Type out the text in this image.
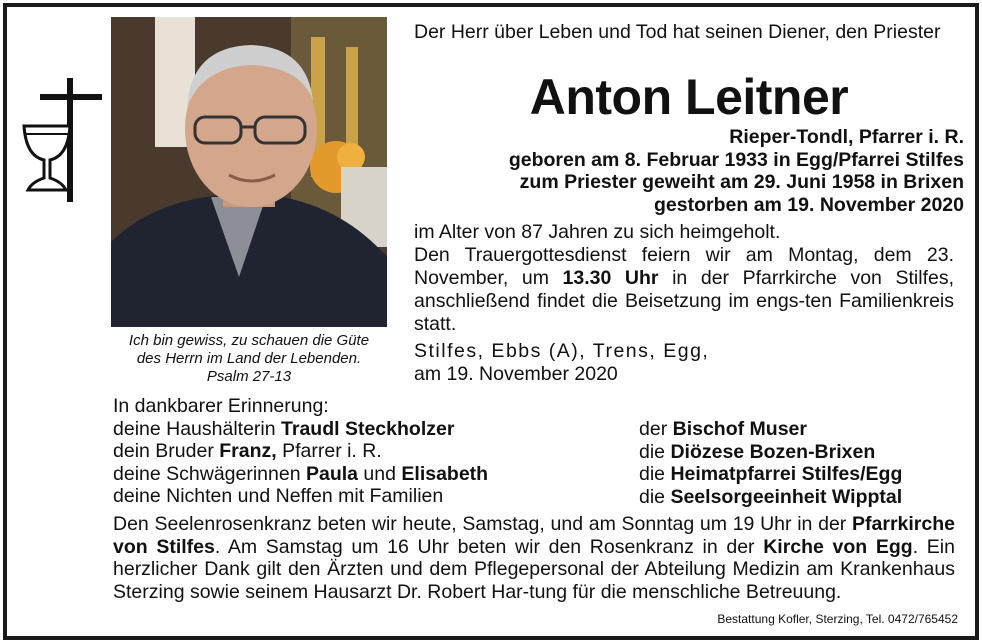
Ich bin gewiss, zu schauen die Güte
des Herrn im Land der Lebenden.
Psalm 27-13
Der Herr über Leben und Tod hat seinen Diener, den Priester
Anton Leitner
Rieper-Tondl, Pfarrer i. R.
geboren am 8. Februar 1933 in Egg/Pfarrei Stilfes
zum Priester geweiht am 29. Juni 1958 in Brixen
gestorben am 19. November 2020
im Alter von 87 Jahren zu sich heimgeholt.
Den Trauergottesdienst feiern wir am Montag, dem 23. November, um 13.30 Uhr in der Pfarrkirche von Stilfes, anschließend findet die Beisetzung im engs-ten Familienkreis statt.
Stilfes, Ebbs (A), Trens, Egg,
am 19. November 2020
In dankbarer Erinnerung:
deine Haushälterin Traudl Steckholzer
dein Bruder Franz, Pfarrer i. R.
deine Schwägerinnen Paula und Elisabeth
deine Nichten und Neffen mit Familien
der Bischof Muser
die Diözese Bozen-Brixen
die Heimatpfarrei Stilfes/Egg
die Seelsorgeeinheit Wipptal
Den Seelenrosenkranz beten wir heute, Samstag, und am Sonntag um 19 Uhr in der Pfarrkirche von Stilfes. Am Samstag um 16 Uhr beten wir den Rosenkranz in der Kirche von Egg. Ein herzlicher Dank gilt den Ärzten und dem Pflegepersonal der Abteilung Medizin am Krankenhaus Sterzing sowie seinem Hausarzt Dr. Robert Har-tung für die menschliche Betreuung.
Bestattung Kofler, Sterzing, Tel. 0472/765452
